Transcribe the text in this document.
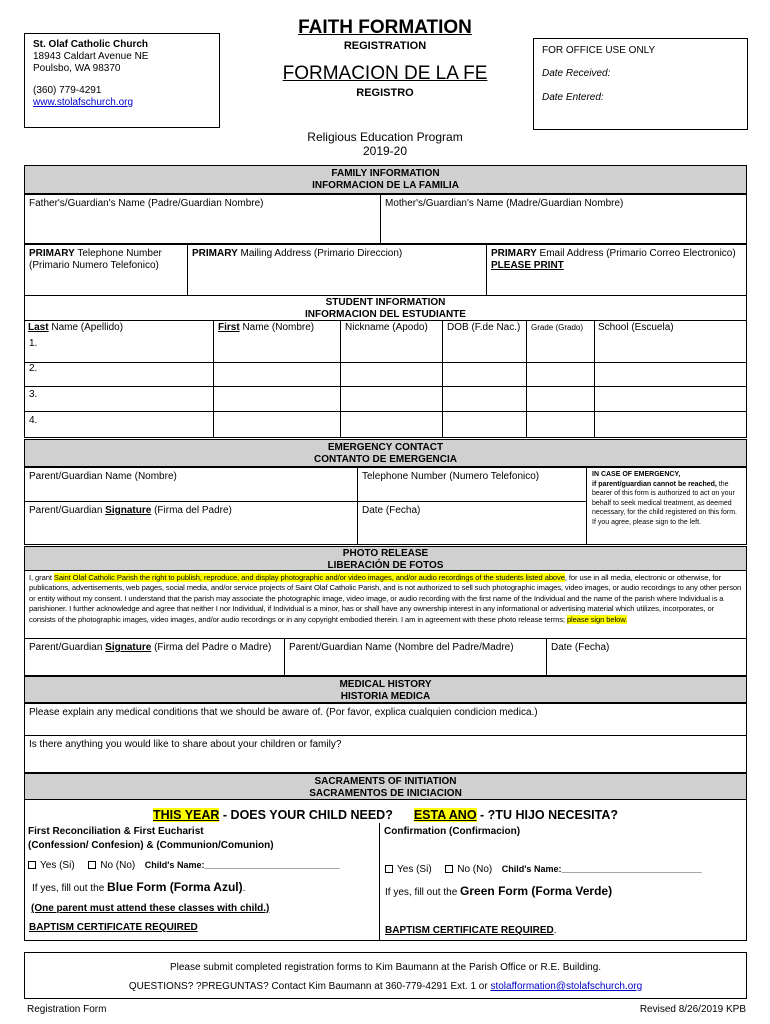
St. Olaf Catholic Church
18943 Caldart Avenue NE
Poulsbo, WA 98370
(360) 779-4291
www.stolafschurch.org
FAITH FORMATION
REGISTRATION
FORMACION DE LA FE
REGISTRO
FOR OFFICE USE ONLY
Date Received:
Date Entered:
Religious Education Program
2019-20
FAMILY INFORMATION
INFORMACION DE LA FAMILIA
Father's/Guardian's Name (Padre/Guardian Nombre)	Mother's/Guardian's Name (Madre/Guardian Nombre)
PRIMARY Telephone Number
(Primario Numero Telefonico)
PRIMARY Mailing Address (Primario Direccion)	PRIMARY Email Address (Primario Correo Electronico)
PLEASE PRINT
STUDENT INFORMATION
INFORMACION DEL ESTUDIANTE
Last Name (Apellido)	First Name (Nombre)	Nickname (Apodo) DOB (F.de Nac.) Grade (Grado) School (Escuela)
1.
2.
3.
4.
EMERGENCY CONTACT
CONTANTO DE EMERGENCIA
Parent/Guardian Name (Nombre)	Telephone Number (Numero Telefonico)
Parent/Guardian Signature (Firma del Padre)	Date (Fecha)
IN CASE OF EMERGENCY,
if parent/guardian cannot be reached, the bearer of this form is authorized to act on your behalf to seek medical treatment, as deemed necessary, for the child registered on this form. If you agree, please sign to the left.
PHOTO RELEASE
LIBERACIÓN DE FOTOS
I, grant Saint Olaf Catholic Parish the right to publish, reproduce, and display photographic and/or video images, and/or audio recordings of the students listed above, for use in all media, electronic or otherwise, for publications, advertisements, web pages, social media, and/or service projects of Saint Olaf Catholic Parish, and is not authorized to sell such photographic images, video images, or audio recordings to any other person or entity without my consent. I understand that the parish may associate the photographic image, video image, or audio recording with the first name of the Individual and the name of the parish where Individual is a parishioner. I further acknowledge and agree that neither I nor Individual, if Individual is a minor, has or shall have any ownership interest in any informational or advertising material which utilizes, incorporates, or consists of the photographic images, video images, and/or audio recordings or in any copyright embodied therein. I am in agreement with these photo release terms; please sign below.
Parent/Guardian Signature (Firma del Padre o Madre)	Parent/Guardian Name (Nombre del Padre/Madre)	Date (Fecha)
MEDICAL HISTORY
HISTORIA MEDICA
Please explain any medical conditions that we should be aware of. (Por favor, explica cualquien condicion medica.)
Is there anything you would like to share about your children or family?
SACRAMENTS OF INITIATION
SACRAMENTOS DE INICIACION
THIS YEAR - DOES YOUR CHILD NEED? ESTA ANO - ?TU HIJO NECESITA?
First Reconciliation & First Eucharist
(Confession/ Confesion) & (Communion/Comunion)
Yes (Si)	No (No) Child's Name:___________________________
If yes, fill out the Blue Form (Forma Azul).
(One parent must attend these classes with child.)
BAPTISM CERTIFICATE REQUIRED
Confirmation (Confirmacion)
Yes (Si)	No (No) Child's Name:____________________________
If yes, fill out the Green Form (Forma Verde)
BAPTISM CERTIFICATE REQUIRED.
Please submit completed registration forms to Kim Baumann at the Parish Office or R.E. Building.
QUESTIONS? ?PREGUNTAS? Contact Kim Baumann at 360-779-4291 Ext. 1 or stolafformation@stolafschurch.org
Registration Form	Revised 8/26/2019 KPB
